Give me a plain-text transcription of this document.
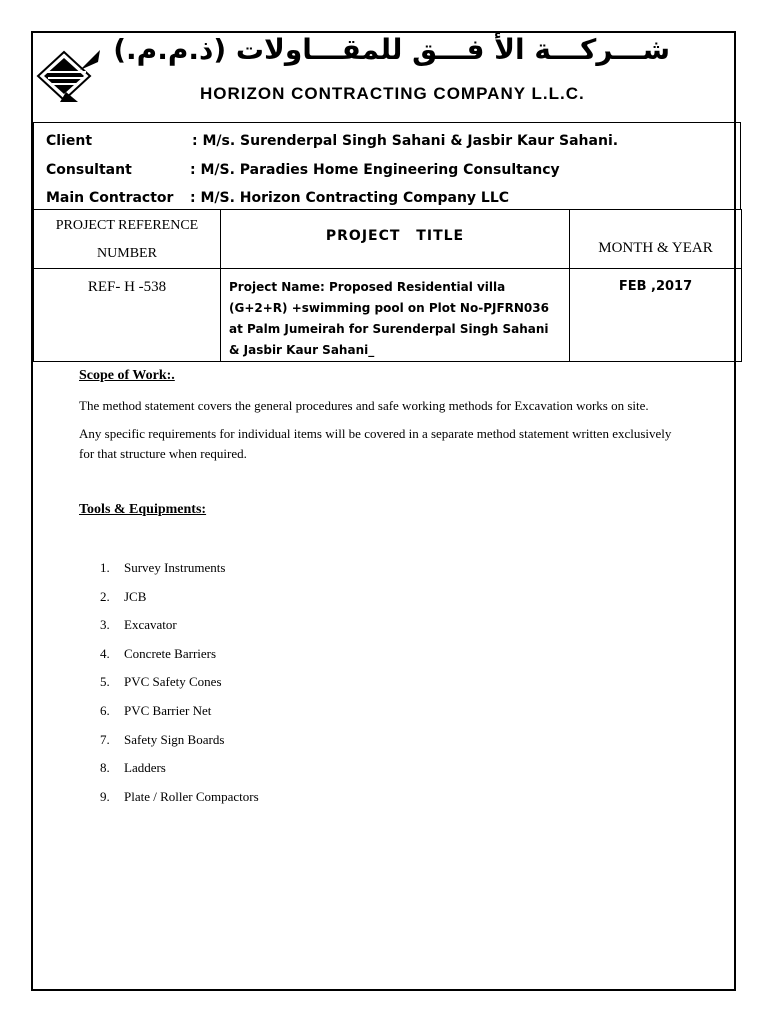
شـــركـــة الأ فـــق للمقـــاولات (ذ.م.م.)
HORIZON CONTRACTING COMPANY L.L.C.
Client	: M/s. Surenderpal Singh Sahani & Jasbir Kaur Sahani.
Consultant	: M/S. Paradies Home Engineering Consultancy
Main Contractor : M/S. Horizon Contracting Company LLC
PROJECT REFERENCE
NUMBER	PROJECT TITLE	MONTH & YEAR
REF- H -538	Project Name: Proposed Residential villa (G+2+R) +swimming pool on Plot No-PJFRN036 at Palm Jumeirah for Surenderpal Singh Sahani & Jasbir Kaur Sahani_	FEB ,2017
Scope of Work:.
The method statement covers the general procedures and safe working methods for Excavation works on site.
Any specific requirements for individual items will be covered in a separate method statement written exclusively for that structure when required.
Tools & Equipments:
1. Survey Instruments
2. JCB
3. Excavator
4. Concrete Barriers
5. PVC Safety Cones
6. PVC Barrier Net
7. Safety Sign Boards
8. Ladders
9. Plate / Roller Compactors
